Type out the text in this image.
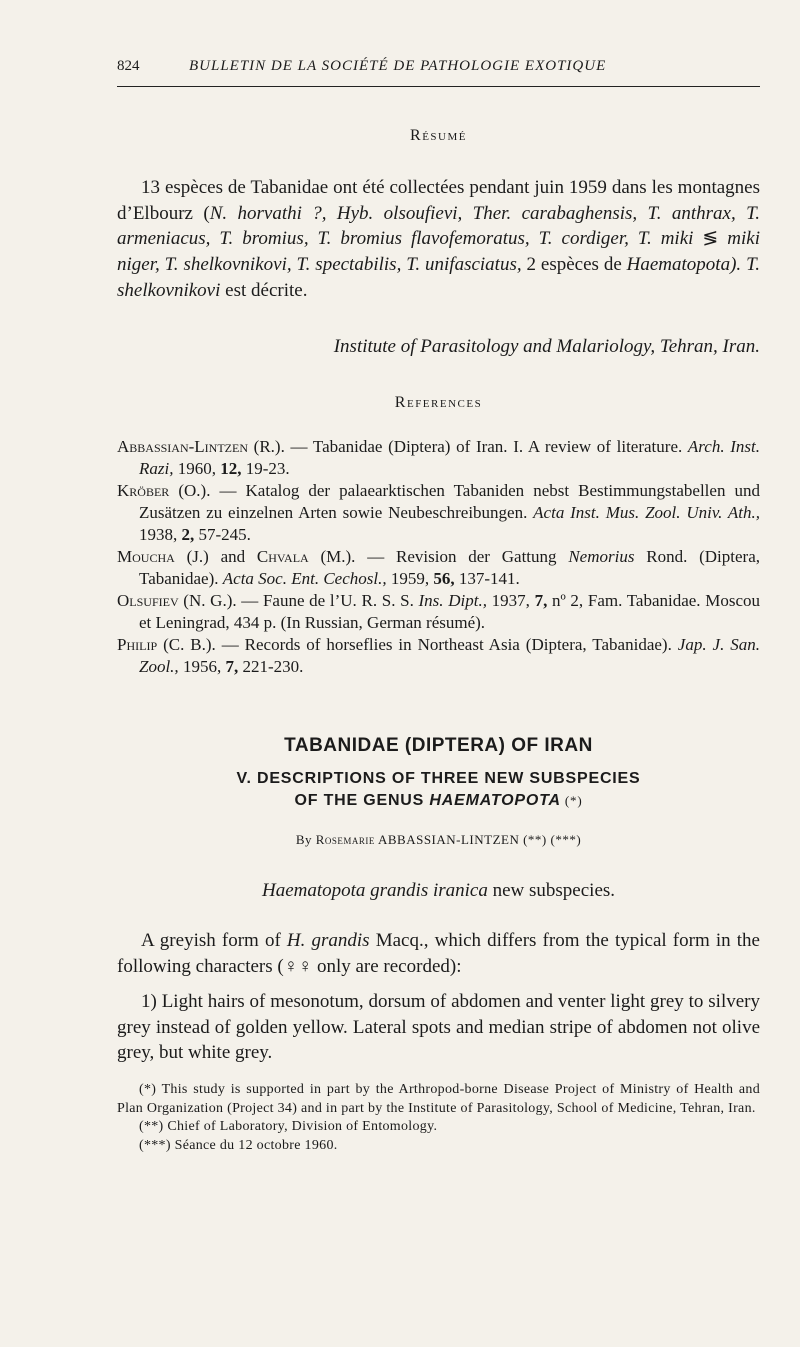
824	BULLETIN DE LA SOCIÉTÉ DE PATHOLOGIE EXOTIQUE
Résumé
13 espèces de Tabanidae ont été collectées pendant juin 1959 dans les montagnes d’Elbourz (N. horvathi ?, Hyb. olsoufievi, Ther. carabaghensis, T. anthrax, T. armeniacus, T. bromius, T. bromius flavofemoratus, T. cordiger, T. miki ≶ miki niger, T. shelkovnikovi, T. spectabilis, T. unifasciatus, 2 espèces de Haematopota). T. shelkovnikovi est décrite.
Institute of Parasitology and Malariology, Tehran, Iran.
References

Abbassian-Lintzen (R.). — Tabanidae (Diptera) of Iran. I. A review of literature. Arch. Inst. Razi, 1960, 12, 19-23.

Kröber (O.). — Katalog der palaearktischen Tabaniden nebst Bestimmungstabellen und Zusätzen zu einzelnen Arten sowie Neubeschreibungen. Acta Inst. Mus. Zool. Univ. Ath., 1938, 2, 57-245.

Moucha (J.) and Chvala (M.). — Revision der Gattung Nemorius Rond. (Diptera, Tabanidae). Acta Soc. Ent. Cechosl., 1959, 56, 137-141.

Olsufiev (N. G.). — Faune de l’U. R. S. S. Ins. Dipt., 1937, 7, nº 2, Fam. Tabanidae. Moscou et Leningrad, 434 p. (In Russian, German résumé).

Philip (C. B.). — Records of horseflies in Northeast Asia (Diptera, Tabanidae). Jap. J. San. Zool., 1956, 7, 221-230.

TABANIDAE (DIPTERA) OF IRAN
V. DESCRIPTIONS OF THREE NEW SUBSPECIES
OF THE GENUS HAEMATOPOTA (*)
By Rosemarie ABBASSIAN-LINTZEN (**) (***)
Haematopota grandis iranica new subspecies.
A greyish form of H. grandis Macq., which differs from the typical form in the following characters (♀♀ only are recorded):
1) Light hairs of mesonotum, dorsum of abdomen and venter light grey to silvery grey instead of golden yellow. Lateral spots and median stripe of abdomen not olive grey, but white grey.

(*) This study is supported in part by the Arthropod-borne Disease Project of Ministry of Health and Plan Organization (Project 34) and in part by the Institute of Parasitology, School of Medicine, Tehran, Iran.

(**) Chief of Laboratory, Division of Entomology.

(***) Séance du 12 octobre 1960.
